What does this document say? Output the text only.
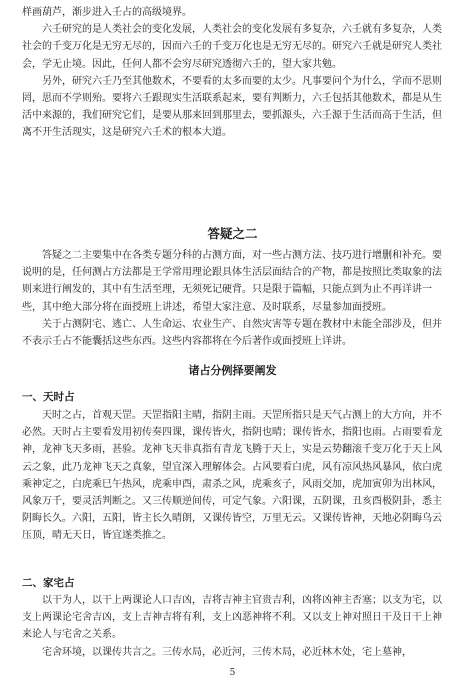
样画葫芦，渐步进入壬占的高级境界。

六壬研究的是人类社会的变化发展，人类社会的变化发展有多复杂，六壬就有多复杂，人类社会的千变万化是无穷无尽的，因而六壬的千变万化也是无穷无尽的。研究六壬就是研究人类社会，学无止境。因此，任何人都不会穷尽研究透彻六壬的，望大家共勉。

另外，研究六壬乃至其他数术，不要看的太多而要的太少。凡事要问个为什么，学而不思则罔，思而不学则殆。要将六壬跟现实生活联系起来，要有判断力，六壬包括其他数术，都是从生活中来源的，我们研究它们，是要从那来回到那里去，要抓源头，六壬源于生活而高于生活，但离不开生活现实，这是研究六壬术的根本大道。

答疑之二

答疑之二主要集中在各类专题分科的占测方面，对一些占测方法、技巧进行增删和补充。要说明的是，任何测占方法都是王学常用理论跟具体生活层面结合的产物，都是按照比类取象的法则来进行阐发的，其中有生活至理，无须死记硬背。只是限于篇幅，只能点到为止不再详讲一些，其中绝大部分将在面授班上讲述，希望大家注意、及时联系，尽量参加面授班。

关于占测阴宅、逃亡、人生命运、农业生产、自然灾害等专题在教材中未能全部涉及，但并不表示壬占不能囊括这些东西。这些内容都将在今后著作或面授班上详讲。

诸占分例择要阐发
一、天时占

天时之占，首观天罡。天罡指阳主晴，指阴主雨。天罡所指只是天气占测上的大方向，并不必然。天时占主要看发用初传奏四课，课传皆火，指阴也晴；课传皆水，指阳也雨。占雨要看龙神，龙神飞天多雨，甚验。龙神飞天非真指有青龙飞腾于天上，实是云势翻滚千变万化于天上风云之象，此乃龙神飞天之真象，望宜深入理解体会。占风要看白虎，风有凉风热风暴风，依白虎乘神定之，白虎乘巳午热风，虎乘申酉，肃杀之风，虎乘亥子，风雨交加，虎加寅卯为出林风，风象万千，要灵活判断之。又三传顺逆间传，可定气象。六阳课，五阴课，丑亥酉极阴卦，悉主阴晦长久。六阳，五阳，皆主长久晴朗，又课传皆空，万里无云。又课传皆神，天地必阴晦乌云压顶，晴无天日，皆宜遂类推之。

二、家宅占

以干为人，以干上两课论人口吉凶，吉将吉神主官贵吉利，凶将凶神主否塞；以支为宅，以支上两课论宅舍吉凶，支上吉神吉将有利，支上凶恶神将不利。又以支上神对照日干及日干上神来论人与宅舍之关系。

宅舍环境，以课传共言之。三传水局，必近河，三传木局，必近林木处，宅上墓神，

5
